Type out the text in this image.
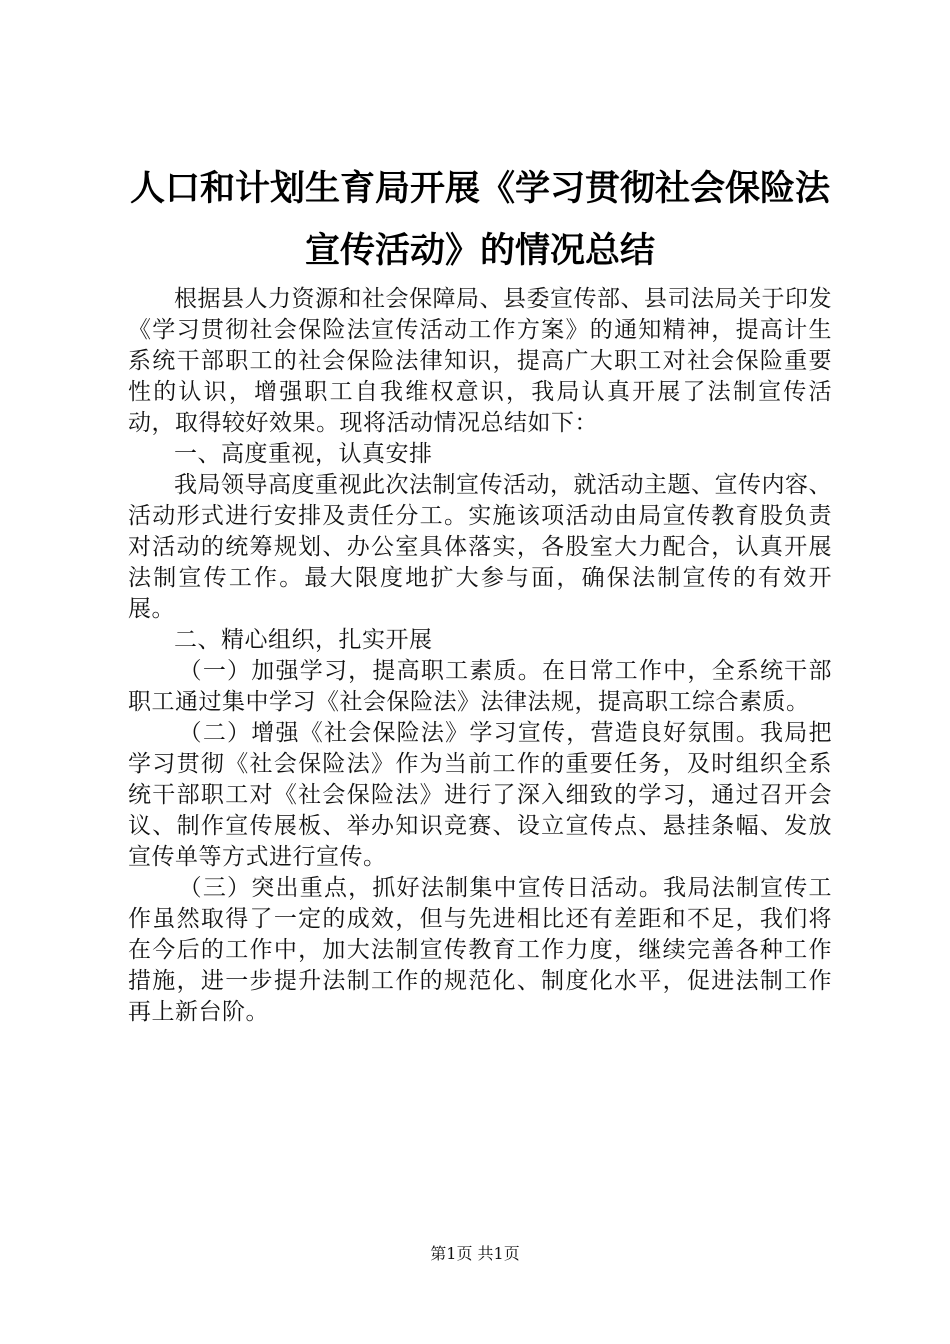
人口和计划生育局开展《学习贯彻社会保险法
宣传活动》的情况总结

根据县人力资源和社会保障局、县委宣传部、县司法局关于印发《学习贯彻社会保险法宣传活动工作方案》的通知精神，提高计生系统干部职工的社会保险法律知识，提高广大职工对社会保险重要性的认识，增强职工自我维权意识，我局认真开展了法制宣传活动，取得较好效果。现将活动情况总结如下：

一、高度重视，认真安排

我局领导高度重视此次法制宣传活动，就活动主题、宣传内容、活动形式进行安排及责任分工。实施该项活动由局宣传教育股负责对活动的统筹规划、办公室具体落实，各股室大力配合，认真开展法制宣传工作。最大限度地扩大参与面，确保法制宣传的有效开展。

二、精心组织，扎实开展

（一）加强学习，提高职工素质。在日常工作中，全系统干部职工通过集中学习《社会保险法》法律法规，提高职工综合素质。

（二）增强《社会保险法》学习宣传，营造良好氛围。我局把学习贯彻《社会保险法》作为当前工作的重要任务，及时组织全系统干部职工对《社会保险法》进行了深入细致的学习，通过召开会议、制作宣传展板、举办知识竞赛、设立宣传点、悬挂条幅、发放宣传单等方式进行宣传。

（三）突出重点，抓好法制集中宣传日活动。我局法制宣传工作虽然取得了一定的成效，但与先进相比还有差距和不足，我们将在今后的工作中，加大法制宣传教育工作力度，继续完善各种工作措施，进一步提升法制工作的规范化、制度化水平，促进法制工作再上新台阶。

第1页 共1页
